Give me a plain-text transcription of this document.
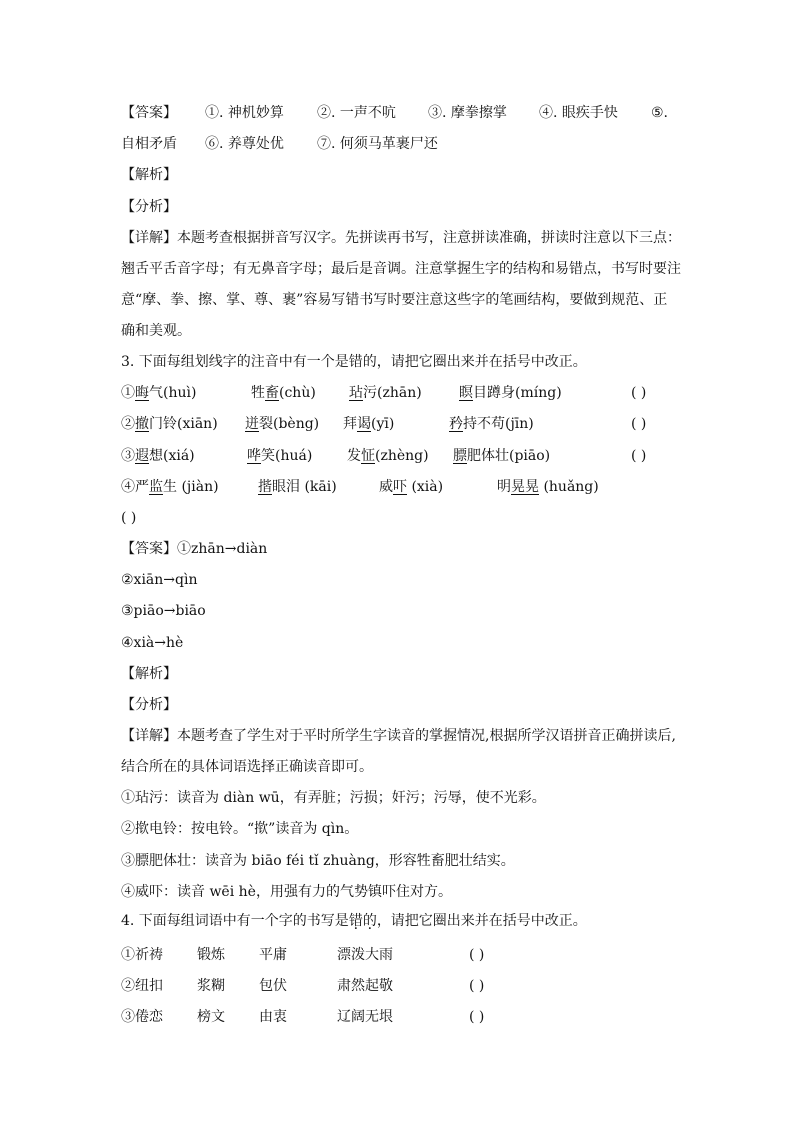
【答案】 ①. 神机妙算 ②. 一声不吭 ③. 摩拳擦掌 ④. 眼疾手快 ⑤.
自相矛盾 ⑥. 养尊处优 ⑦. 何须马革裹尸还
【解析】
【分析】
【详解】本题考查根据拼音写汉字。先拼读再书写，注意拼读准确，拼读时注意以下三点：
翘舌平舌音字母；有无鼻音字母；最后是音调。注意掌握生字的结构和易错点，书写时要注
意“摩、拳、擦、掌、尊、裹”容易写错书写时要注意这些字的笔画结构，要做到规范、正
确和美观。
3. 下面每组划线字的注音中有一个是错的，请把它圈出来并在括号中改正。
①晦气(huì)	牲畜(chù) 玷污(zhān)	瞑目蹲身(míng)	( )
②撤门铃(xiān) 迸裂(bèng) 拜谒(yī)	矜持不苟(jīn)	( )
③遐想(xiá)	哗笑(huá) 发怔(zhèng) 膘肥体壮(piāo)	( )
④严监生 (jiàn)	揩眼泪 (kāi)	威吓 (xià)	明晃晃 (huǎng)
( )
【答案】①zhān→diàn
②xiān→qìn
③piāo→biāo
④xià→hè
【解析】
【分析】
【详解】本题考查了学生对于平时所学生字读音的掌握情况,根据所学汉语拼音正确拼读后,
结合所在的具体词语选择正确读音即可。
①玷污：读音为 diàn wū，有弄脏；污损；奸污；污辱，使不光彩。
②揿电铃：按电铃。“揿”读音为 qìn。
③膘肥体壮：读音为 biāo féi tǐ zhuàng，形容牲畜肥壮结实。
④威吓：读音 wēi hè，用强有力的气势镇吓住对方。
4. 下面每组词语中有一个字的书写是错的，请把它圈出来并在括号中改正。
①祈祷 锻炼 平庸	漂泼大雨	( )
②纽扣 浆糊 包伏	肃然起敬	( )
③倦恋 榜文 由衷	辽阔无垠	( )
